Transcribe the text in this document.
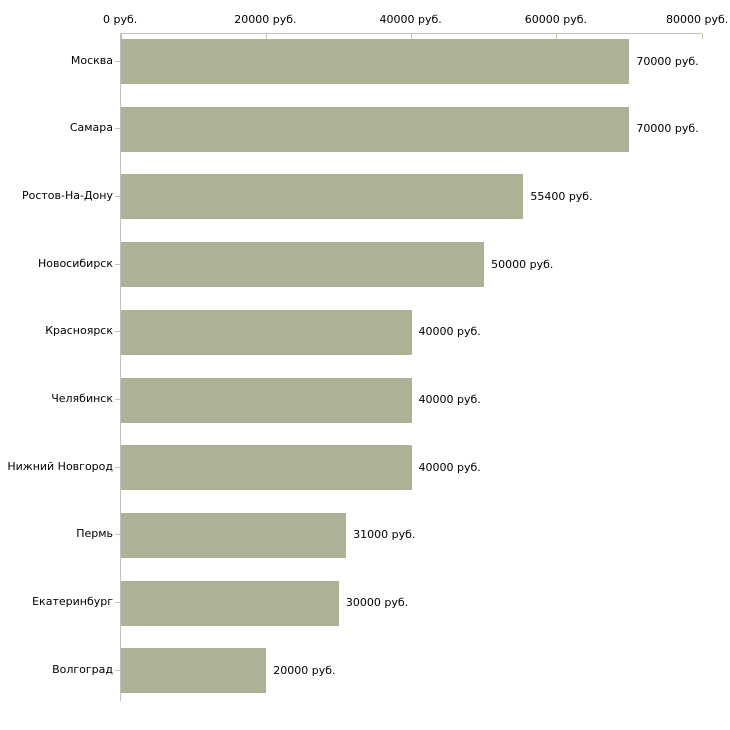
70000 руб.
70000 руб.
55400 руб.
50000 руб.
40000 руб.
40000 руб.
40000 руб.
31000 руб.
30000 руб.
20000 руб.
0 руб.	20000 руб.	40000 руб.	60000 руб.	80000 руб.
Москва
Самара
Ростов-На-Дону
Новосибирск
Красноярск
Челябинск
Нижний Новгород
Пермь
Екатеринбург
Волгоград
